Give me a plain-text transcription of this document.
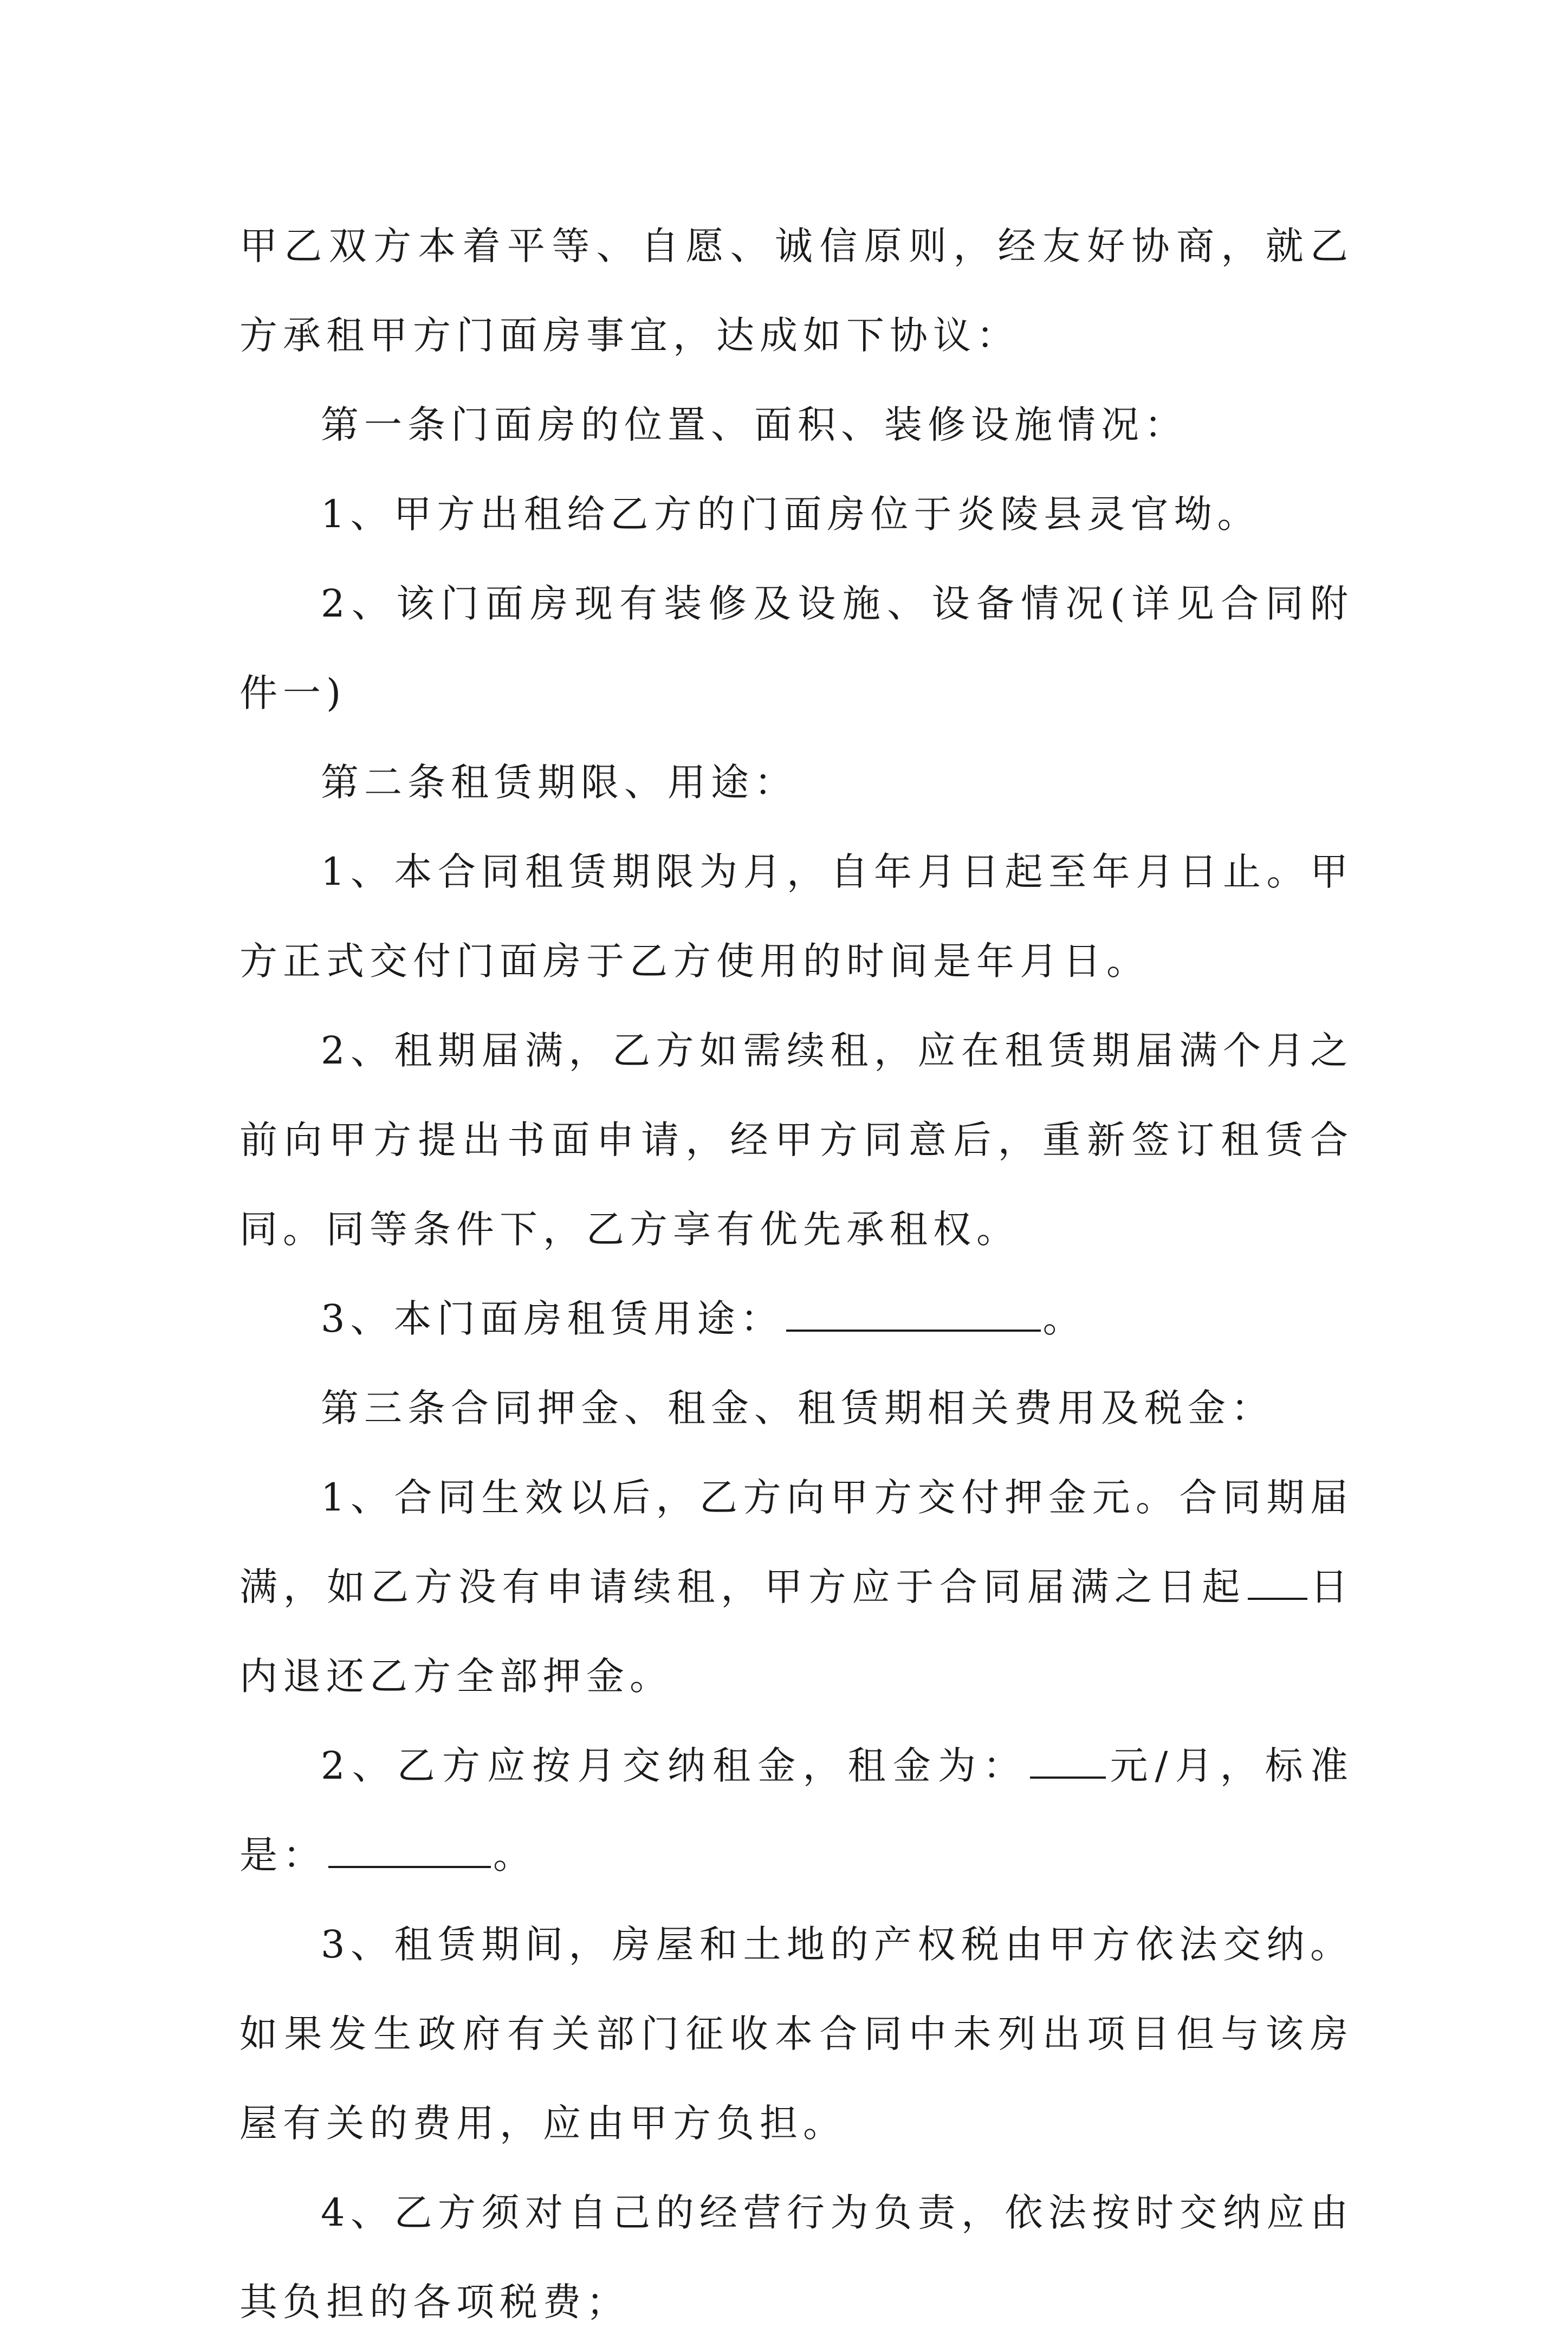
甲乙双方本着平等、自愿、诚信原则，经友好协商，就乙方承租甲方门面房事宜，达成如下协议：

第一条门面房的位置、面积、装修设施情况：

1、甲方出租给乙方的门面房位于炎陵县灵官坳。

2、该门面房现有装修及设施、设备情况(详见合同附件一)

第二条租赁期限、用途：

1、本合同租赁期限为月，自年月日起至年月日止。甲方正式交付门面房于乙方使用的时间是年月日。

2、租期届满，乙方如需续租，应在租赁期届满个月之前向甲方提出书面申请，经甲方同意后，重新签订租赁合同。同等条件下，乙方享有优先承租权。

3、本门面房租赁用途：	。

第三条合同押金、租金、租赁期相关费用及税金：

1、合同生效以后，乙方向甲方交付押金元。合同期届满，如乙方没有申请续租，甲方应于合同届满之日起 日内退还乙方全部押金。

2、乙方应按月交纳租金，租金为： 元/月，标准是：	。

3、租赁期间，房屋和土地的产权税由甲方依法交纳。如果发生政府有关部门征收本合同中未列出项目但与该房屋有关的费用，应由甲方负担。

4、乙方须对自己的经营行为负责，依法按时交纳应由其负担的各项税费；
